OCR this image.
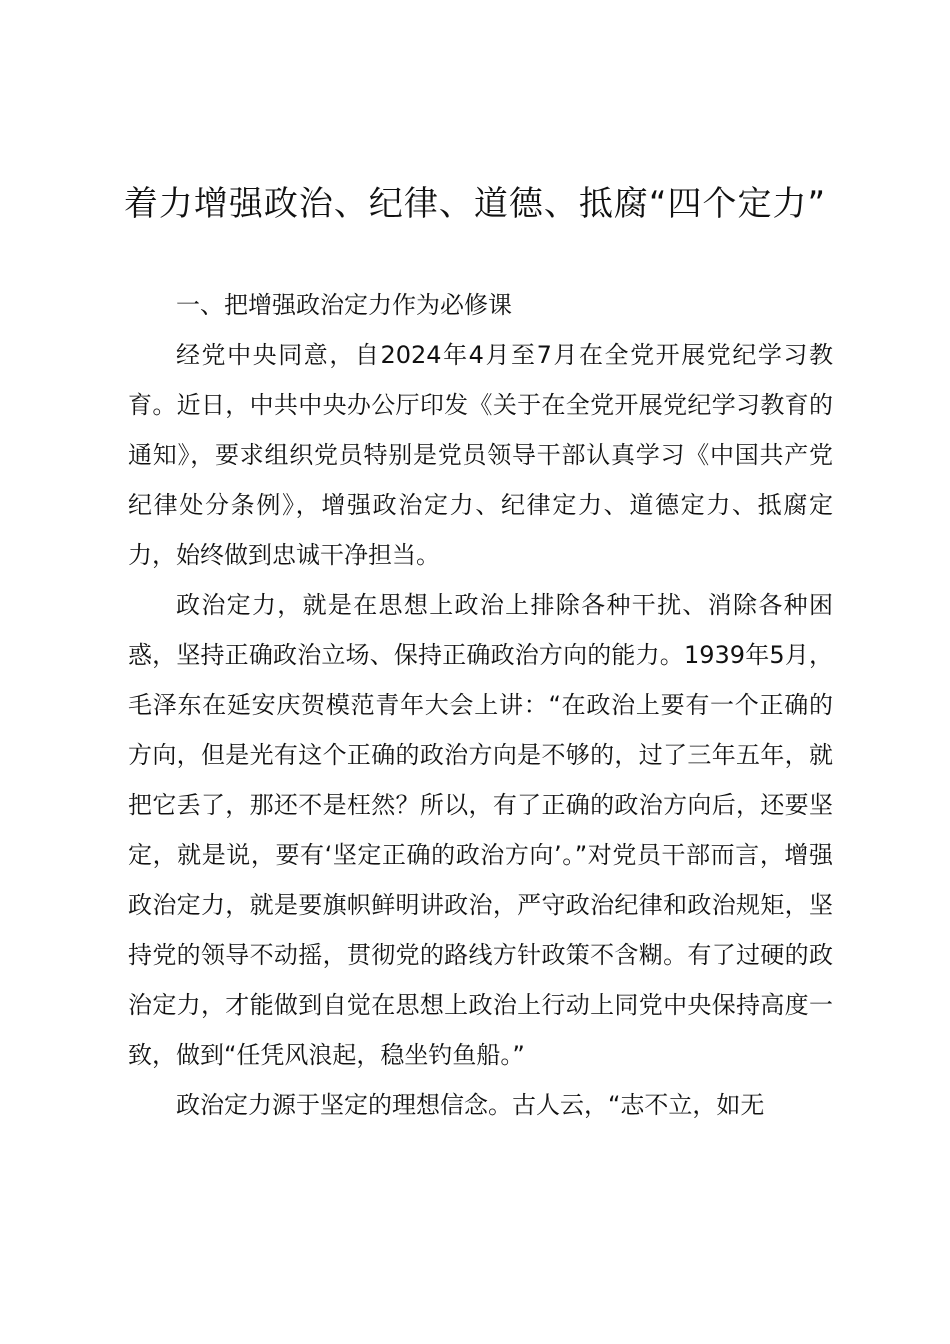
着力增强政治、纪律、道德、抵腐“四个定力”

一、把增强政治定力作为必修课

经党中央同意，自2024年4月至7月在全党开展党纪学习教育。近日，中共中央办公厅印发《关于在全党开展党纪学习教育的通知》，要求组织党员特别是党员领导干部认真学习《中国共产党纪律处分条例》，增强政治定力、纪律定力、道德定力、抵腐定力，始终做到忠诚干净担当。

政治定力，就是在思想上政治上排除各种干扰、消除各种困惑，坚持正确政治立场、保持正确政治方向的能力。1939年5月，毛泽东在延安庆贺模范青年大会上讲：“在政治上要有一个正确的方向，但是光有这个正确的政治方向是不够的，过了三年五年，就把它丢了，那还不是枉然？所以，有了正确的政治方向后，还要坚定，就是说，要有‘坚定正确的政治方向’。”对党员干部而言，增强政治定力，就是要旗帜鲜明讲政治，严守政治纪律和政治规矩，坚持党的领导不动摇，贯彻党的路线方针政策不含糊。有了过硬的政治定力，才能做到自觉在思想上政治上行动上同党中央保持高度一致，做到“任凭风浪起，稳坐钓鱼船。”

政治定力源于坚定的理想信念。古人云，“志不立，如无
